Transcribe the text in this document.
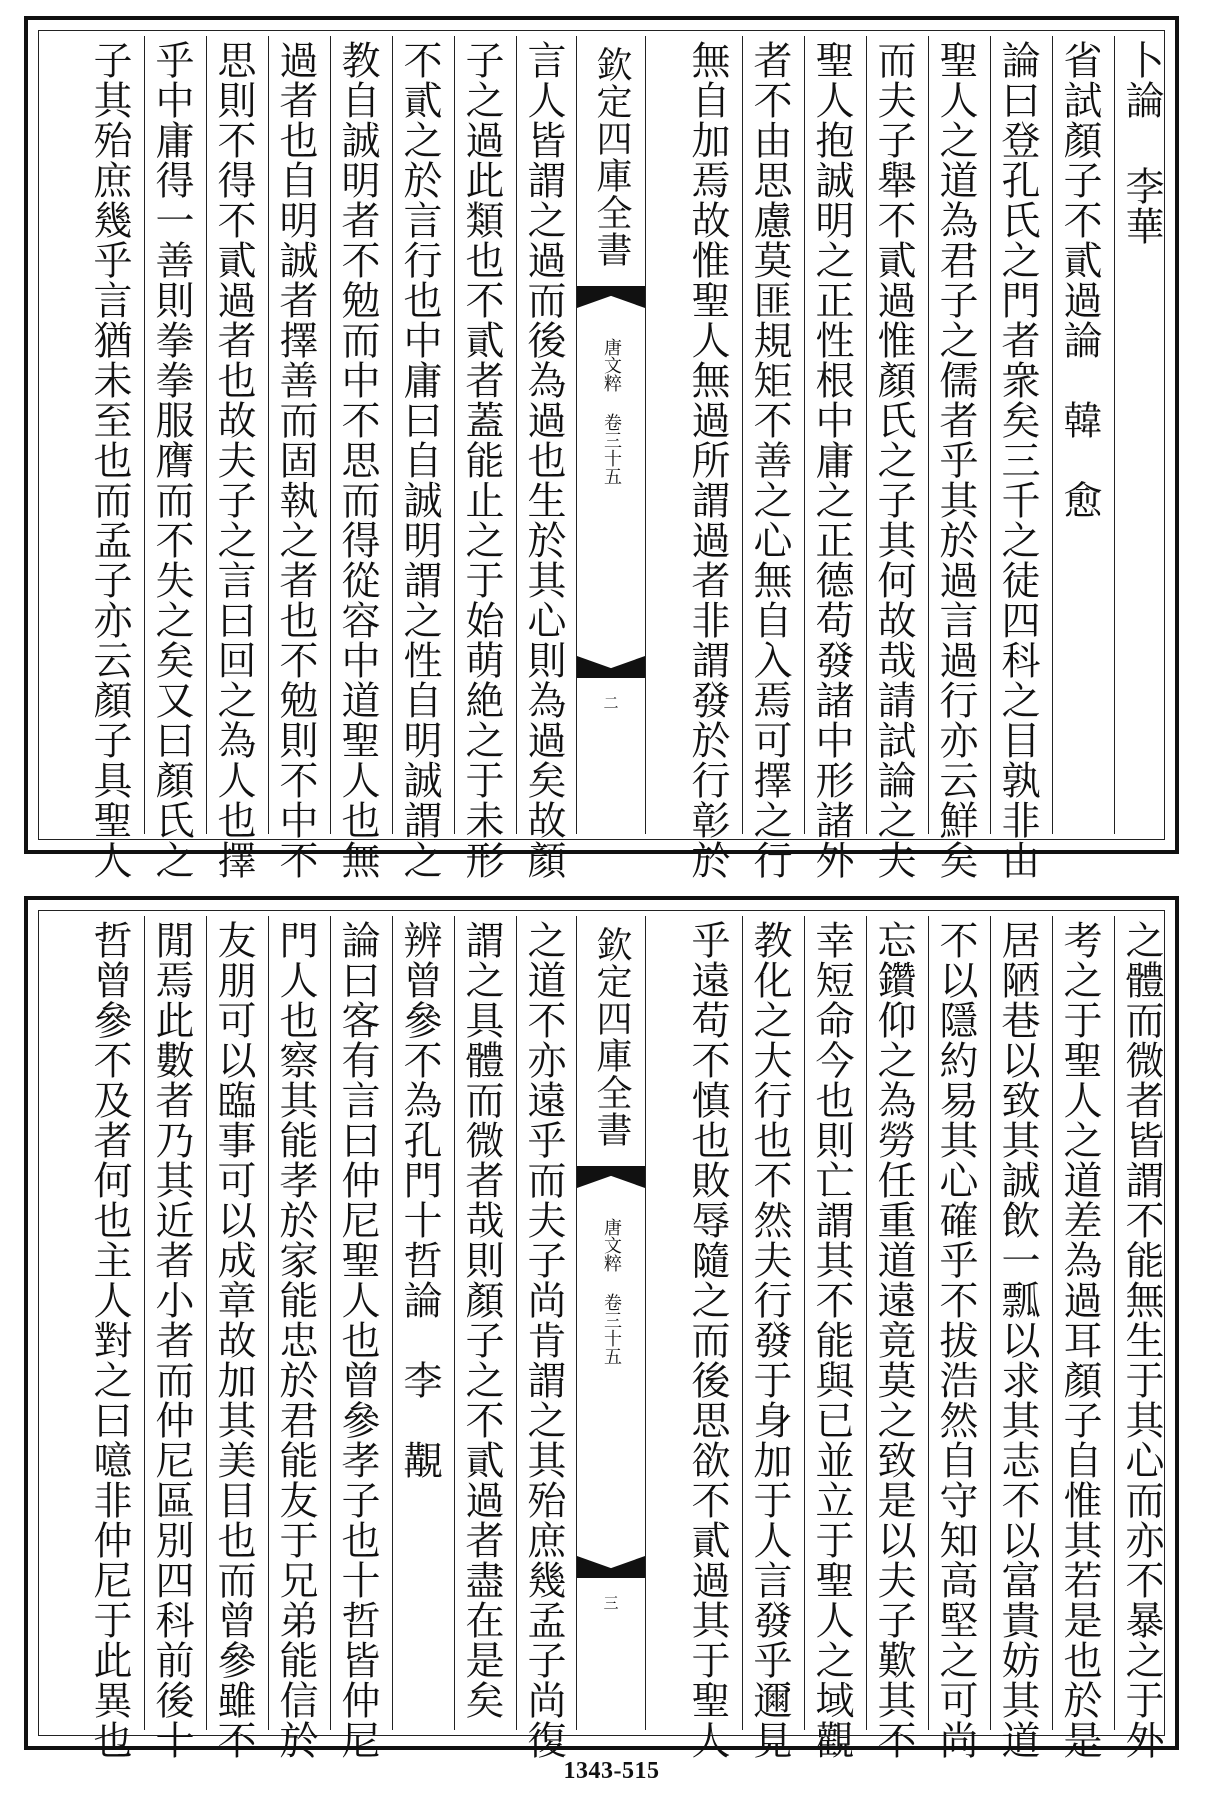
卜論 李華
省試顏子不貳過論　韓　愈
論曰登孔氏之門者衆矣三千之徒四科之目孰非由
聖人之道為君子之儒者乎其於過言過行亦云鮮矣
而夫子舉不貳過惟顏氏之子其何故哉請試論之夫
聖人抱誠明之正性根中庸之正德苟發諸中形諸外
者不由思慮莫匪規矩不善之心無自入焉可擇之行
無自加焉故惟聖人無過所謂過者非謂發於行彰於
欽定四庫全書
唐文粹 卷三十五
二
言人皆謂之過而後為過也生於其心則為過矣故顏
子之過此類也不貳者蓋能止之于始萌絶之于未形
不貳之於言行也中庸曰自誠明謂之性自明誠謂之
教自誠明者不勉而中不思而得從容中道聖人也無
過者也自明誠者擇善而固執之者也不勉則不中不
思則不得不貳過者也故夫子之言曰回之為人也擇
乎中庸得一善則拳拳服膺而不失之矣又曰顏氏之
子其殆庶幾乎言猶未至也而孟子亦云顏子具聖人
之體而微者皆謂不能無生于其心而亦不暴之于外
考之于聖人之道差為過耳顏子自惟其若是也於是
居陋巷以致其誠飲一瓢以求其志不以富貴妨其道
不以隱約易其心確乎不拔浩然自守知高堅之可尚
忘鑽仰之為勞任重道遠竟莫之致是以夫子歎其不
幸短命今也則亡謂其不能與已並立于聖人之域觀
教化之大行也不然夫行發于身加于人言發乎邇見
乎遠苟不慎也敗辱隨之而後思欲不貳過其于聖人
欽定四庫全書
唐文粹 卷三十五
三
之道不亦遠乎而夫子尚肯謂之其殆庶幾孟子尚復
謂之具體而微者哉則顏子之不貳過者盡在是矣
辨曾參不為孔門十哲論　李　覯
論曰客有言曰仲尼聖人也曾參孝子也十哲皆仲尼
門人也察其能孝於家能忠於君能友于兄弟能信於
友朋可以臨事可以成章故加其美目也而曾參雖不
閒焉此數者乃其近者小者而仲尼區別四科前後十
哲曾參不及者何也主人對之曰噫非仲尼于此異也
1343-515
